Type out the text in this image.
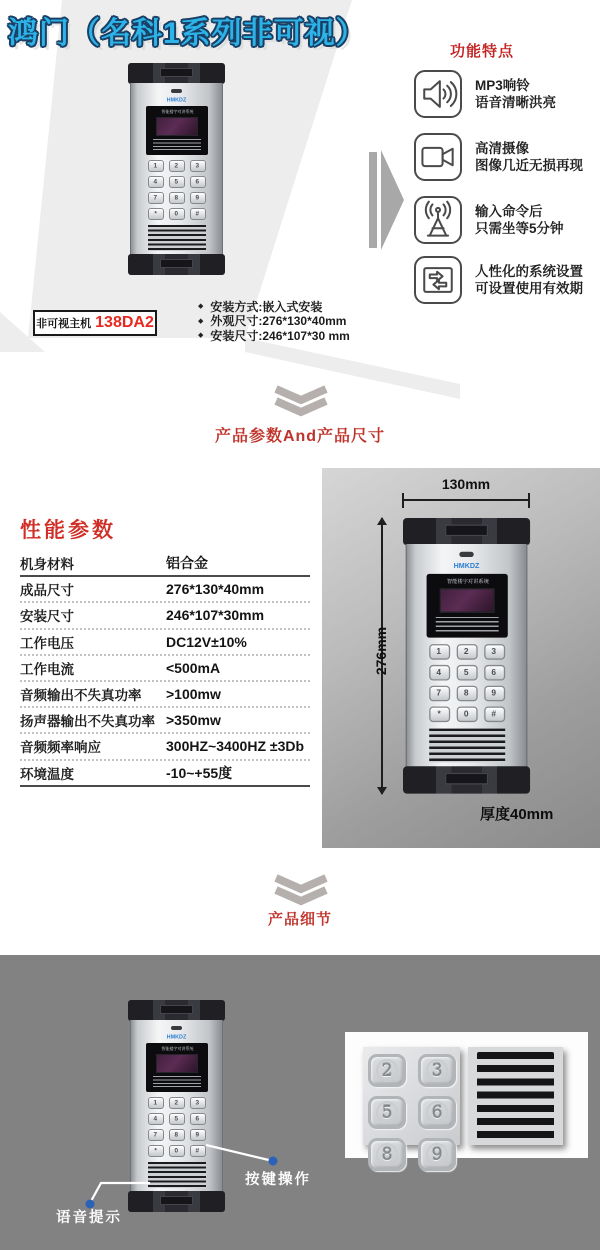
鸿门（名科1系列非可视）
HMKDZ
智能楼宇对讲系统
1 2 3
4 5 6
7 8 9
* 0 #
非可视主机 138DA2
◆ 安装方式:嵌入式安装
◆ 外观尺寸:276*130*40mm
◆ 安装尺寸:246*107*30 mm
功能特点
MP3响铃
语音清晰洪亮
高清摄像
图像几近无损再现
输入命令后
只需坐等5分钟
人性化的系统设置
可设置使用有效期
产品参数And产品尺寸
性能参数
机身材料	铝合金
成品尺寸	276*130*40mm
安装尺寸	246*107*30mm
工作电压	DC12V±10%
工作电流	<500mA
音频输出不失真功率	>100mw
扬声器输出不失真功率 >350mw
音频频率响应	300HZ~3400HZ ±3Db
环境温度	-10~+55度
130mm
276mm
HMKDZ
智能楼宇对讲系统
1	2	3
4	5	6
7	8	9
*	0	#
厚度40mm
产品细节
HMKDZ
智能楼宇对讲系统
1 2 3
4 5 6
7 8 9
* 0 #
2 3
5 6
8 9
按键操作
语音提示
